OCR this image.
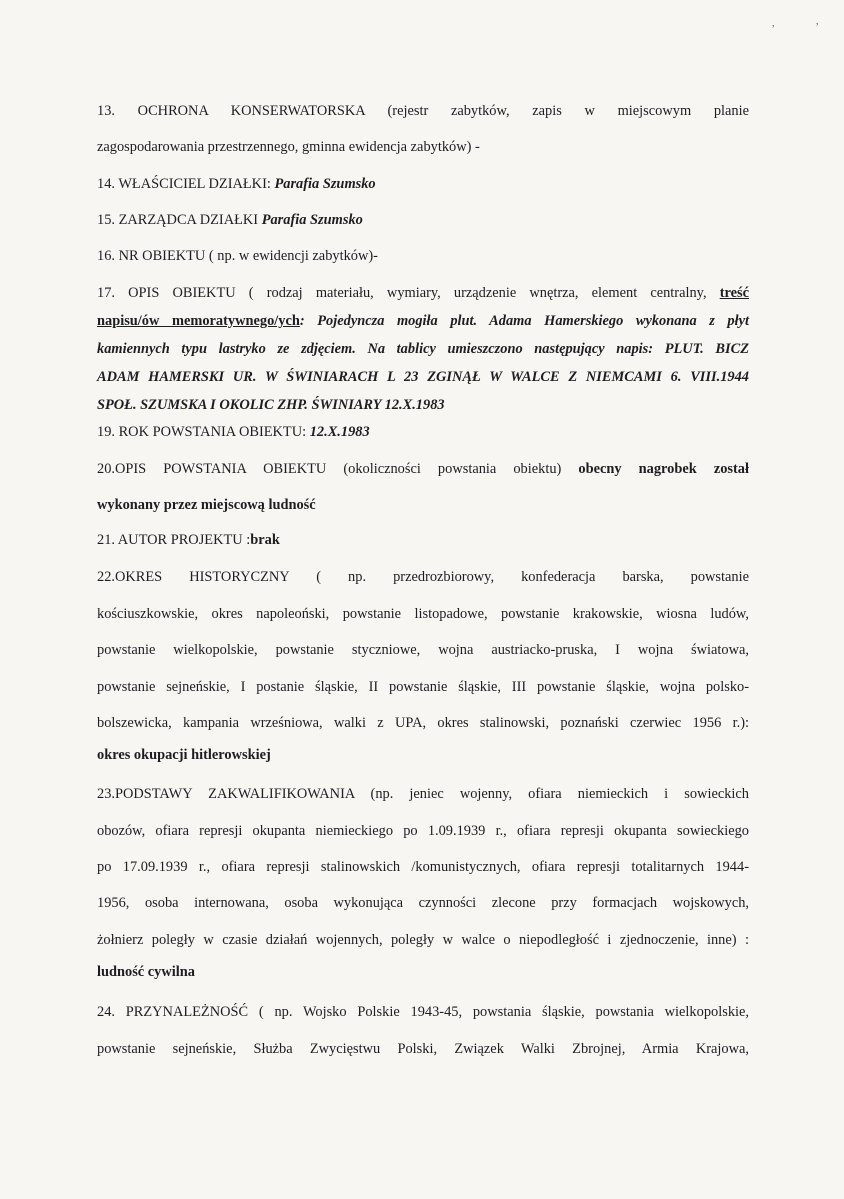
,	,
13. OCHRONA KONSERWATORSKA (rejestr zabytków, zapis w miejscowym planie
zagospodarowania przestrzennego, gminna ewidencja zabytków) -
14. WŁAŚCICIEL DZIAŁKI: Parafia Szumsko
15. ZARZĄDCA DZIAŁKI Parafia Szumsko
16. NR OBIEKTU ( np. w ewidencji zabytków)-
17. OPIS OBIEKTU ( rodzaj materiału, wymiary, urządzenie wnętrza, element centralny, treść
napisu/ów memoratywnego/ych: Pojedyncza mogiła plut. Adama Hamerskiego wykonana z płyt
kamiennych typu lastryko ze zdjęciem. Na tablicy umieszczono następujący napis: PLUT. BICZ
ADAM HAMERSKI UR. W ŚWINIARACH L 23 ZGINĄŁ W WALCE Z NIEMCAMI 6. VIII.1944
SPOŁ. SZUMSKA I OKOLIC ZHP. ŚWINIARY 12.X.1983
19. ROK POWSTANIA OBIEKTU: 12.X.1983
20.OPIS POWSTANIA OBIEKTU (okoliczności powstania obiektu) obecny nagrobek został
wykonany przez miejscową ludność
21. AUTOR PROJEKTU :brak
22.OKRES HISTORYCZNY ( np. przedrozbiorowy, konfederacja barska, powstanie
kościuszkowskie, okres napoleoński, powstanie listopadowe, powstanie krakowskie, wiosna ludów,
powstanie wielkopolskie, powstanie styczniowe, wojna austriacko-pruska, I wojna światowa,
powstanie sejneńskie, I postanie śląskie, II powstanie śląskie, III powstanie śląskie, wojna polsko-
bolszewicka, kampania wrześniowa, walki z UPA, okres stalinowski, poznański czerwiec 1956 r.):
okres okupacji hitlerowskiej
23.PODSTAWY ZAKWALIFIKOWANIA (np. jeniec wojenny, ofiara niemieckich i sowieckich
obozów, ofiara represji okupanta niemieckiego po 1.09.1939 r., ofiara represji okupanta sowieckiego
po 17.09.1939 r., ofiara represji stalinowskich /komunistycznych, ofiara represji totalitarnych 1944-
1956, osoba internowana, osoba wykonująca czynności zlecone przy formacjach wojskowych,
żołnierz poległy w czasie działań wojennych, poległy w walce o niepodległość i zjednoczenie, inne) :
ludność cywilna
24. PRZYNALEŻNOŚĆ ( np. Wojsko Polskie 1943-45, powstania śląskie, powstania wielkopolskie,
powstanie sejneńskie, Służba Zwycięstwu Polski, Związek Walki Zbrojnej, Armia Krajowa,
